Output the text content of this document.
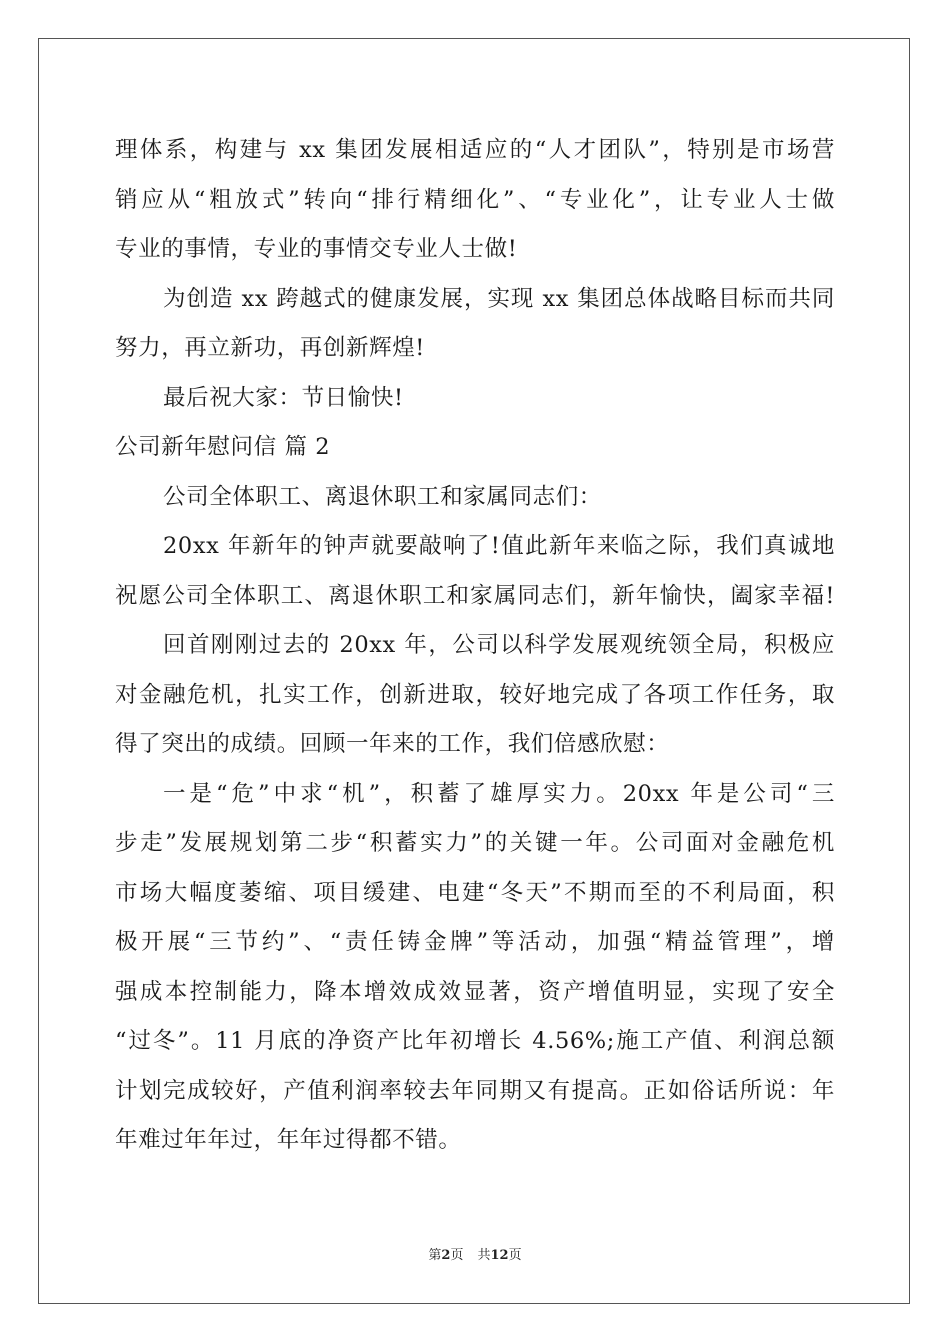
理体系，构建与 xx 集团发展相适应的“人才团队”，特别是市场营
销应从“粗放式”转向“排行精细化”、“专业化”，让专业人士做
专业的事情，专业的事情交专业人士做!
为创造 xx 跨越式的健康发展，实现 xx 集团总体战略目标而共同
努力，再立新功，再创新辉煌!
最后祝大家：节日愉快!
公司新年慰问信 篇 2
公司全体职工、离退休职工和家属同志们：
20xx 年新年的钟声就要敲响了!值此新年来临之际，我们真诚地
祝愿公司全体职工、离退休职工和家属同志们，新年愉快，阖家幸福!
回首刚刚过去的 20xx 年，公司以科学发展观统领全局，积极应
对金融危机，扎实工作，创新进取，较好地完成了各项工作任务，取
得了突出的成绩。回顾一年来的工作，我们倍感欣慰：
一是“危”中求“机”，积蓄了雄厚实力。20xx 年是公司“三
步走”发展规划第二步“积蓄实力”的关键一年。公司面对金融危机
市场大幅度萎缩、项目缓建、电建“冬天”不期而至的不利局面，积
极开展“三节约”、“责任铸金牌”等活动，加强“精益管理”，增
强成本控制能力，降本增效成效显著，资产增值明显，实现了安全
“过冬”。11 月底的净资产比年初增长 4.56%;施工产值、利润总额
计划完成较好，产值利润率较去年同期又有提高。正如俗话所说：年
年难过年年过，年年过得都不错。
第2页 共12页
